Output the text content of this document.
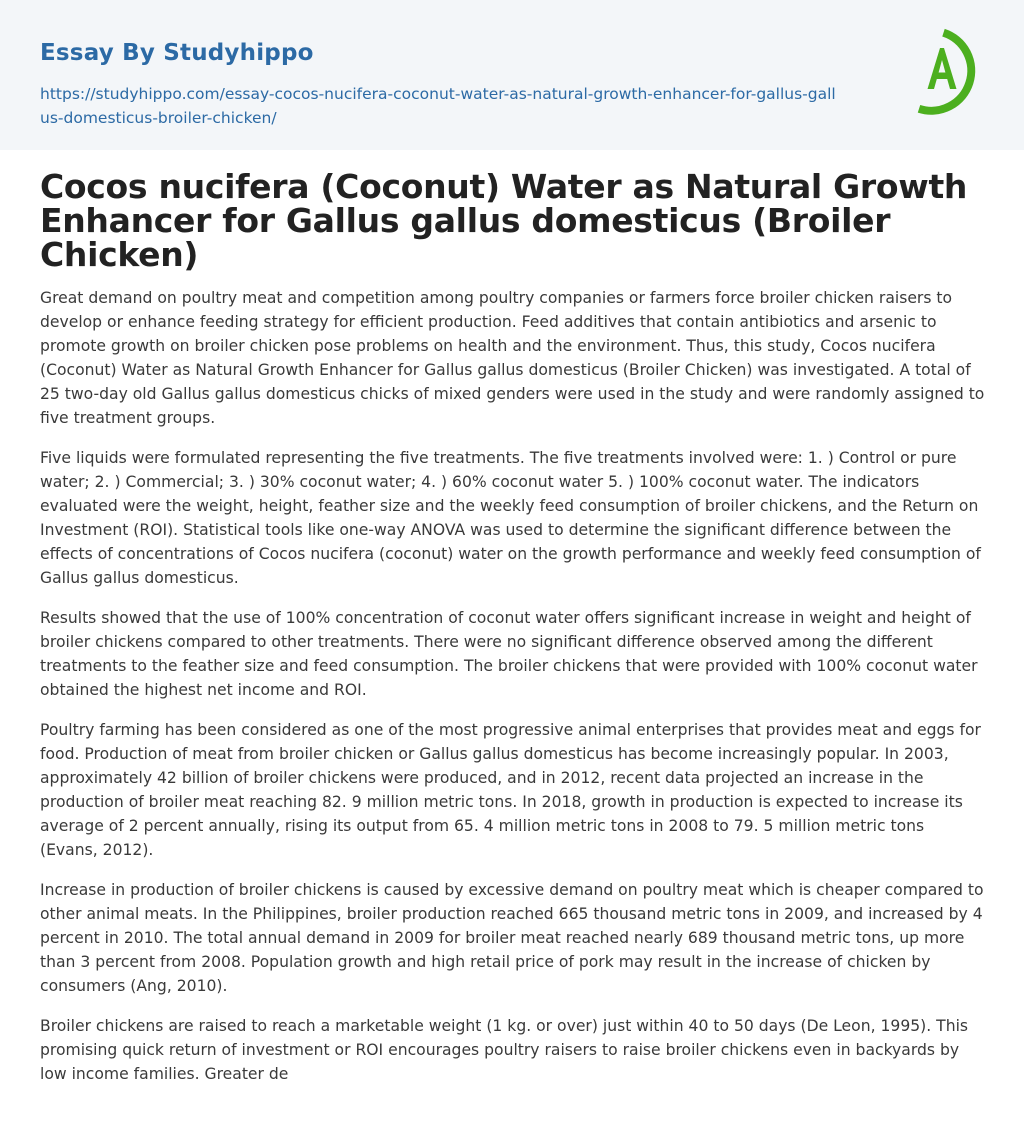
Essay By Studyhippo
https://studyhippo.com/essay-cocos-nucifera-coconut-water-as-natural-growth-enhancer-for-gallus-gallus-domesticus-broiler-chicken/
Cocos nucifera (Coconut) Water as Natural Growth Enhancer for Gallus gallus domesticus (Broiler Chicken)

Great demand on poultry meat and competition among poultry companies or farmers force broiler chicken raisers to develop or enhance feeding strategy for efficient production. Feed additives that contain antibiotics and arsenic to promote growth on broiler chicken pose problems on health and the environment. Thus, this study, Cocos nucifera (Coconut) Water as Natural Growth Enhancer for Gallus gallus domesticus (Broiler Chicken) was investigated. A total of 25 two-day old Gallus gallus domesticus chicks of mixed genders were used in the study and were randomly assigned to five treatment groups.

Five liquids were formulated representing the five treatments. The five treatments involved were: 1. ) Control or pure water; 2. ) Commercial; 3. ) 30% coconut water; 4. ) 60% coconut water 5. ) 100% coconut water. The indicators evaluated were the weight, height, feather size and the weekly feed consumption of broiler chickens, and the Return on Investment (ROI). Statistical tools like one-way ANOVA was used to determine the significant difference between the effects of concentrations of Cocos nucifera (coconut) water on the growth performance and weekly feed consumption of Gallus gallus domesticus.

Results showed that the use of 100% concentration of coconut water offers significant increase in weight and height of broiler chickens compared to other treatments. There were no significant difference observed among the different treatments to the feather size and feed consumption. The broiler chickens that were provided with 100% coconut water obtained the highest net income and ROI.

Poultry farming has been considered as one of the most progressive animal enterprises that provides meat and eggs for food. Production of meat from broiler chicken or Gallus gallus domesticus has become increasingly popular. In 2003, approximately 42 billion of broiler chickens were produced, and in 2012, recent data projected an increase in the production of broiler meat reaching 82. 9 million metric tons. In 2018, growth in production is expected to increase its average of 2 percent annually, rising its output from 65. 4 million metric tons in 2008 to 79. 5 million metric tons (Evans, 2012).

Increase in production of broiler chickens is caused by excessive demand on poultry meat which is cheaper compared to other animal meats. In the Philippines, broiler production reached 665 thousand metric tons in 2009, and increased by 4 percent in 2010. The total annual demand in 2009 for broiler meat reached nearly 689 thousand metric tons, up more than 3 percent from 2008. Population growth and high retail price of pork may result in the increase of chicken by consumers (Ang, 2010).

Broiler chickens are raised to reach a marketable weight (1 kg. or over) just within 40 to 50 days (De Leon, 1995). This promising quick return of investment or ROI encourages poultry raisers to raise broiler chickens even in backyards by low income families. Greater de
